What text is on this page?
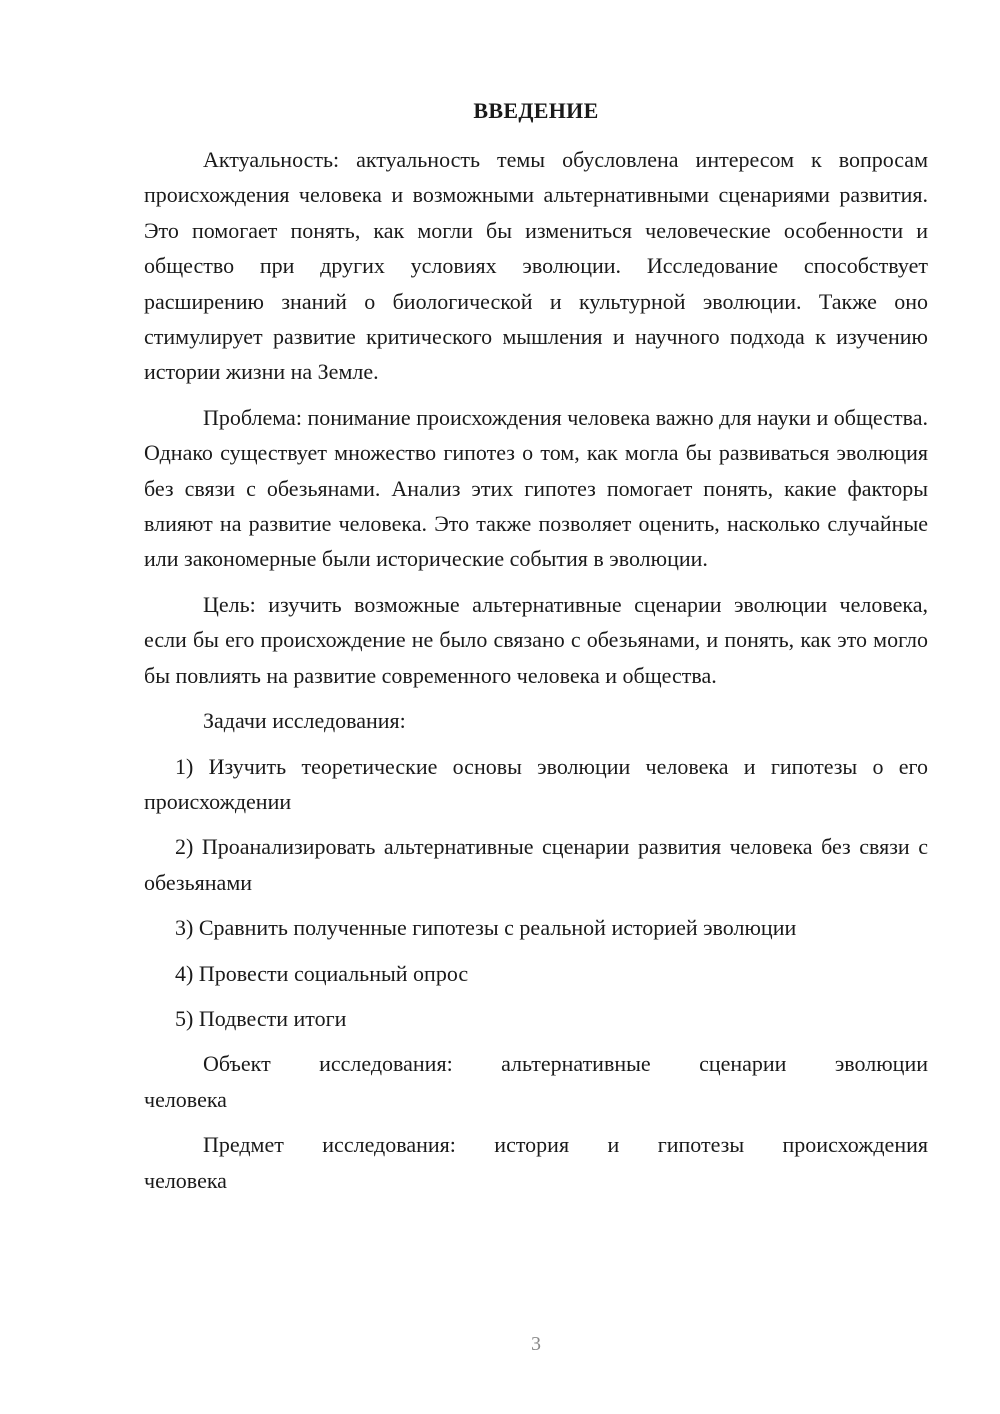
ВВЕДЕНИЕ

Актуальность: актуальность темы обусловлена интересом к вопросам происхождения человека и возможными альтернативными сценариями развития. Это помогает понять, как могли бы измениться человеческие особенности и общество при других условиях эволюции. Исследование способствует расширению знаний о биологической и культурной эволюции. Также оно стимулирует развитие критического мышления и научного подхода к изучению истории жизни на Земле.

Проблема: понимание происхождения человека важно для науки и общества. Однако существует множество гипотез о том, как могла бы развиваться эволюция без связи с обезьянами. Анализ этих гипотез помогает понять, какие факторы влияют на развитие человека. Это также позволяет оценить, насколько случайные или закономерные были исторические события в эволюции.

Цель: изучить возможные альтернативные сценарии эволюции человека, если бы его происхождение не было связано с обезьянами, и понять, как это могло бы повлиять на развитие современного человека и общества.

Задачи исследования:

1) Изучить теоретические основы эволюции человека и гипотезы о его происхождении

2) Проанализировать альтернативные сценарии развития человека без связи с обезьянами

3) Сравнить полученные гипотезы с реальной историей эволюции

4) Провести социальный опрос

5) Подвести итоги

Объект исследования: альтернативные сценарии эволюции
человека
Предмет исследования: история и гипотезы происхождения
человека
3
